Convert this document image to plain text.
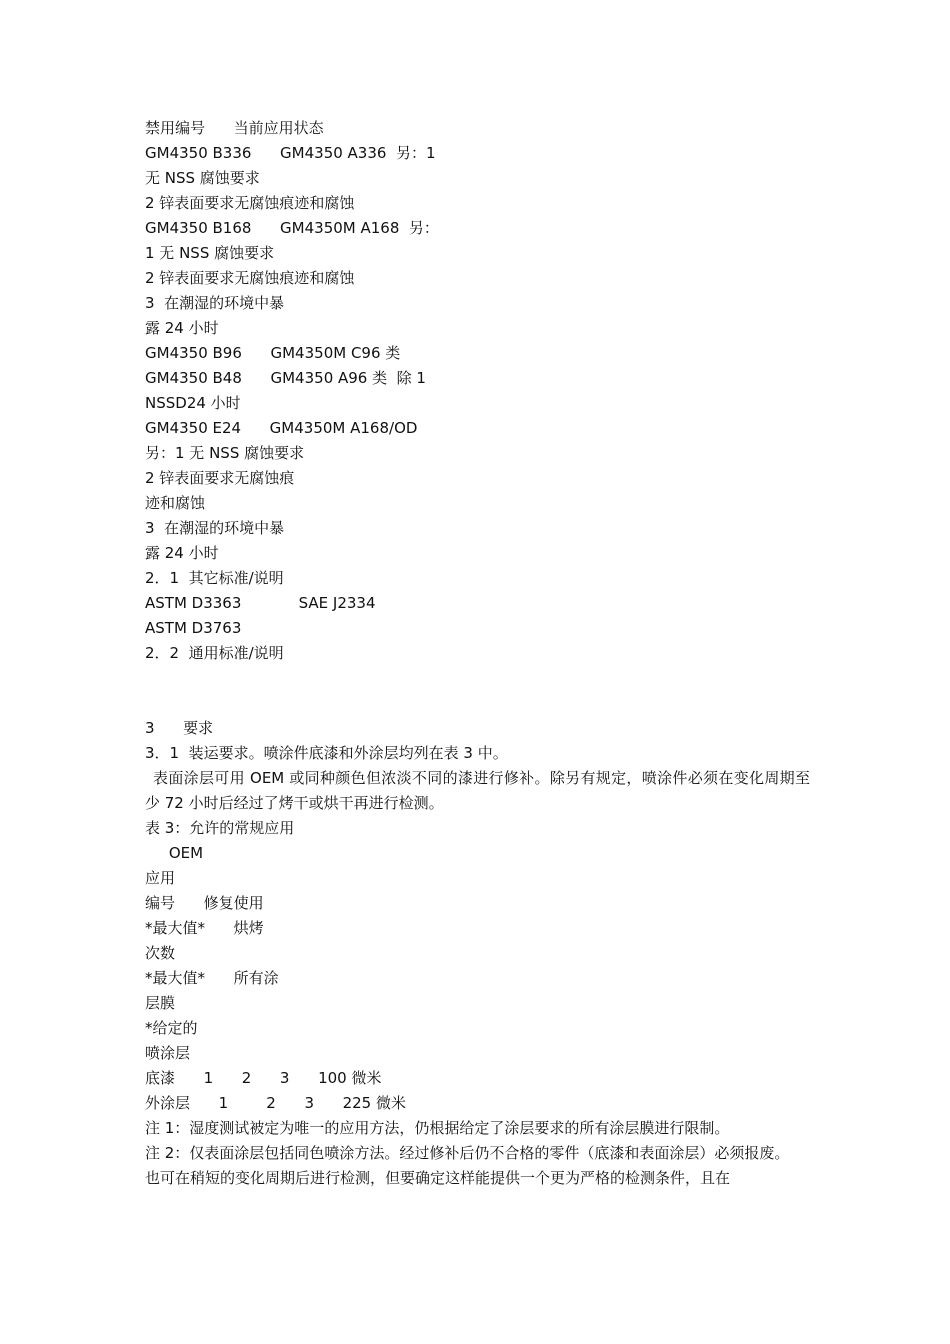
禁用编号      当前应用状态
GM4350 B336      GM4350 A336  另：1
无 NSS 腐蚀要求
2 锌表面要求无腐蚀痕迹和腐蚀
GM4350 B168      GM4350M A168  另：
1 无 NSS 腐蚀要求
2 锌表面要求无腐蚀痕迹和腐蚀
3  在潮湿的环境中暴
露 24 小时
GM4350 B96      GM4350M C96 类
GM4350 B48      GM4350 A96 类  除 1
NSSD24 小时
GM4350 E24      GM4350M A168/OD
另：1 无 NSS 腐蚀要求
2 锌表面要求无腐蚀痕
迹和腐蚀
3  在潮湿的环境中暴
露 24 小时
2．1  其它标准/说明
ASTM D3363            SAE J2334
ASTM D3763
2．2  通用标准/说明
3      要求
3．1  装运要求。喷涂件底漆和外涂层均列在表 3 中。

表面涂层可用 OEM 或同种颜色但浓淡不同的漆进行修补。除另有规定，喷涂件必须在变化周期至少 72 小时后经过了烤干或烘干再进行检测。

表 3：允许的常规应用
OEM
应用
编号      修复使用
*最大值*      烘烤
次数
*最大值*      所有涂
层膜
*给定的
喷涂层
底漆      1      2      3      100 微米
外涂层      1        2      3      225 微米

注 1：湿度测试被定为唯一的应用方法，仍根据给定了涂层要求的所有涂层膜进行限制。

注 2：仅表面涂层包括同色喷涂方法。经过修补后仍不合格的零件（底漆和表面涂层）必须报废。

也可在稍短的变化周期后进行检测，但要确定这样能提供一个更为严格的检测条件，且在
